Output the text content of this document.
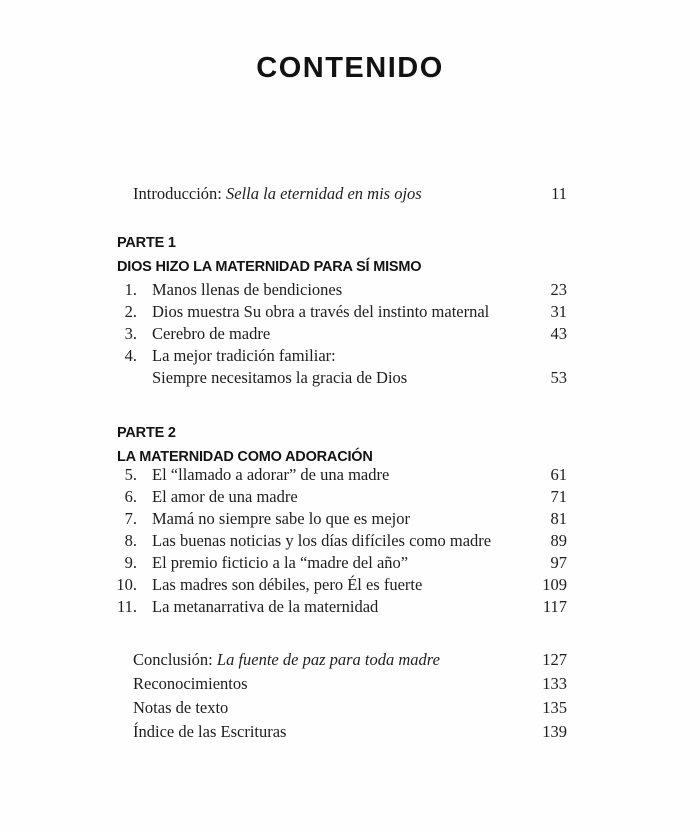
CONTENIDO
Introducción: Sella la eternidad en mis ojos	11
PARTE 1
DIOS HIZO LA MATERNIDAD PARA SÍ MISMO
1. Manos llenas de bendiciones	23
2. Dios muestra Su obra a través del instinto maternal	31
3. Cerebro de madre	43
4. La mejor tradición familiar:
Siempre necesitamos la gracia de Dios	53
PARTE 2
LA MATERNIDAD COMO ADORACIÓN
5. El “llamado a adorar” de una madre	61
6. El amor de una madre	71
7. Mamá no siempre sabe lo que es mejor	81
8. Las buenas noticias y los días difíciles como madre	89
9. El premio ficticio a la “madre del año”	97
10. Las madres son débiles, pero Él es fuerte	109
11. La metanarrativa de la maternidad	117
Conclusión: La fuente de paz para toda madre	127
Reconocimientos	133
Notas de texto	135
Índice de las Escrituras	139
